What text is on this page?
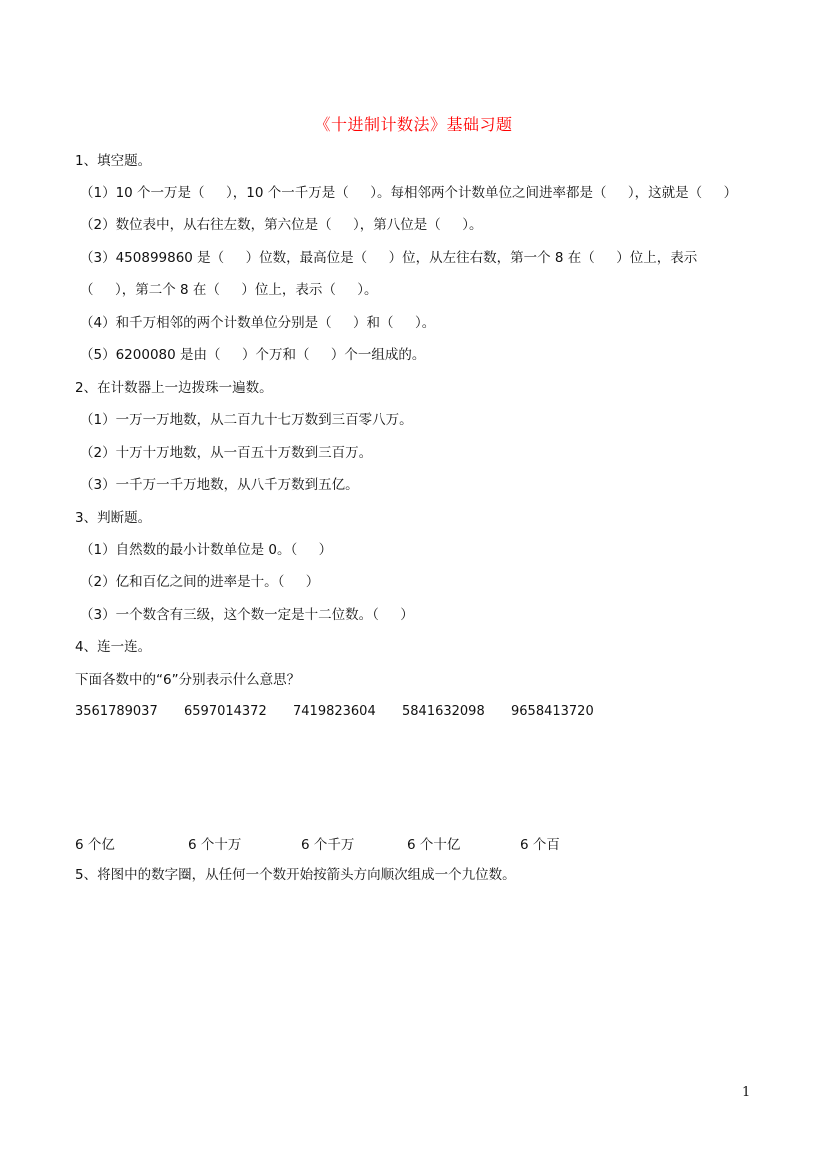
《十进制计数法》基础习题
1、填空题。
（1）10 个一万是（     ），10 个一千万是（     ）。每相邻两个计数单位之间进率都是（     ），这就是（     ）
（2）数位表中，从右往左数，第六位是（     ），第八位是（     ）。
（3）450899860 是（     ）位数，最高位是（     ）位，从左往右数，第一个 8 在（     ）位上，表示
（     ），第二个 8 在（     ）位上，表示（     ）。
（4）和千万相邻的两个计数单位分别是（     ）和（     ）。
（5）6200080 是由（     ）个万和（     ）个一组成的。
2、在计数器上一边拨珠一遍数。
（1）一万一万地数，从二百九十七万数到三百零八万。
（2）十万十万地数，从一百五十万数到三百万。
（3）一千万一千万地数，从八千万数到五亿。
3、判断题。
（1）自然数的最小计数单位是 0。（     ）
（2）亿和百亿之间的进率是十。（     ）
（3）一个数含有三级，这个数一定是十二位数。（     ）
4、连一连。
下面各数中的“6”分别表示什么意思？
3561789037 6597014372 7419823604 5841632098 9658413720
6 个亿	6 个十万	6 个千万	6 个十亿	6 个百
5、将图中的数字圈，从任何一个数开始按箭头方向顺次组成一个九位数。
1
